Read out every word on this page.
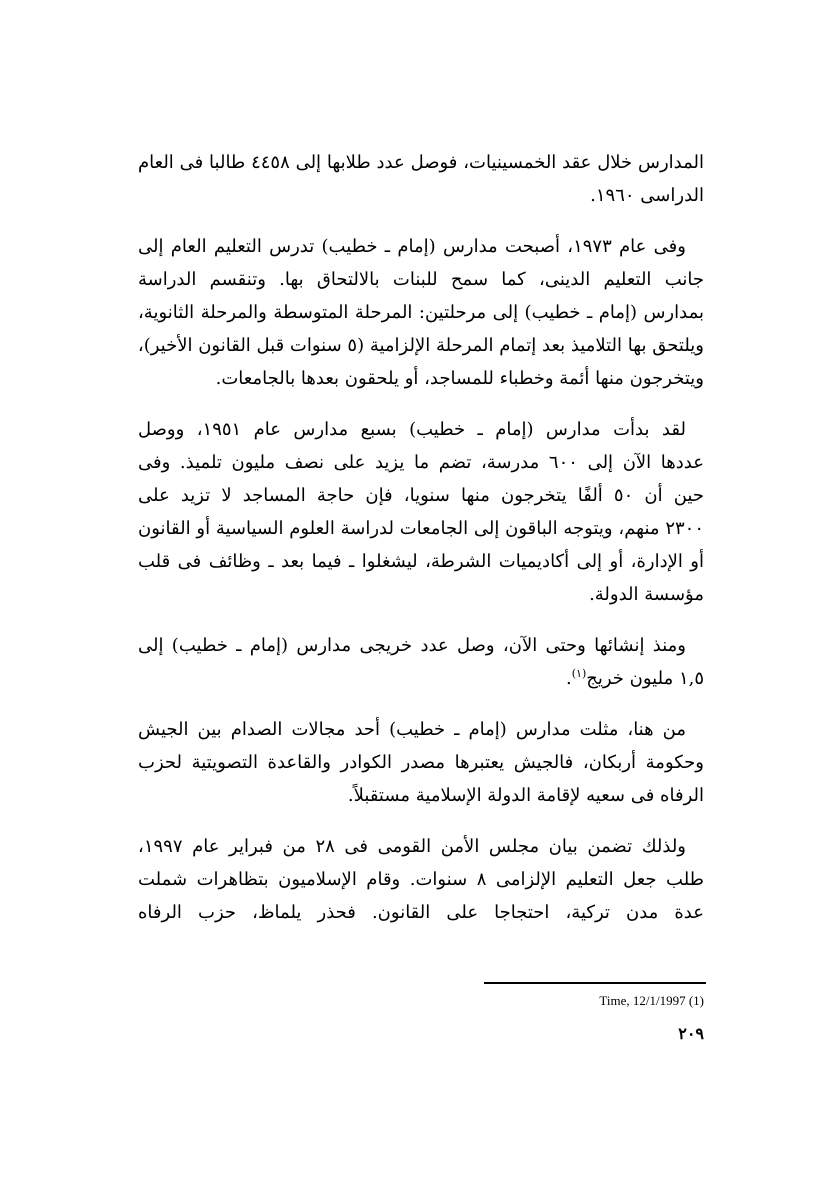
المدارس خلال عقد الخمسينيات، فوصل عدد طلابها إلى ٤٤٥٨ طالبا فى العام
الدراسى ١٩٦٠.

وفى عام ١٩٧٣، أصبحت مدارس (إمام ـ خطيب) تدرس التعليم العام إلى
جانب التعليم الدينى، كما سمح للبنات بالالتحاق بها. وتنقسم الدراسة
بمدارس (إمام ـ خطيب) إلى مرحلتين: المرحلة المتوسطة والمرحلة الثانوية،
ويلتحق بها التلاميذ بعد إتمام المرحلة الإلزامية (٥ سنوات قبل القانون الأخير)،
ويتخرجون منها أئمة وخطباء للمساجد، أو يلحقون بعدها بالجامعات.

لقد بدأت مدارس (إمام ـ خطيب) بسبع مدارس عام ١٩٥١، ووصل
عددها الآن إلى ٦٠٠ مدرسة، تضم ما يزيد على نصف مليون تلميذ. وفى
حين أن ٥٠ ألفًا يتخرجون منها سنويا، فإن حاجة المساجد لا تزيد على
٢٣٠٠ منهم، ويتوجه الباقون إلى الجامعات لدراسة العلوم السياسية أو القانون
أو الإدارة، أو إلى أكاديميات الشرطة، ليشغلوا ـ فيما بعد ـ وظائف فى قلب
مؤسسة الدولة.

ومنذ إنشائها وحتى الآن، وصل عدد خريجى مدارس (إمام ـ خطيب) إلى
١,٥ مليون خريج$^{(١)}$.

من هنا، مثلت مدارس (إمام ـ خطيب) أحد مجالات الصدام بين الجيش
وحكومة أربكان، فالجيش يعتبرها مصدر الكوادر والقاعدة التصويتية لحزب
الرفاه فى سعيه لإقامة الدولة الإسلامية مستقبلاً.

ولذلك تضمن بيان مجلس الأمن القومى فى ٢٨ من فبراير عام ١٩٩٧،
طلب جعل التعليم الإلزامى ٨ سنوات. وقام الإسلاميون بتظاهرات شملت
عدة مدن تركية، احتجاجا على القانون. فحذر يلماظ، حزب الرفاه

Time, 12/1/1997 (1)
٢٠٩
